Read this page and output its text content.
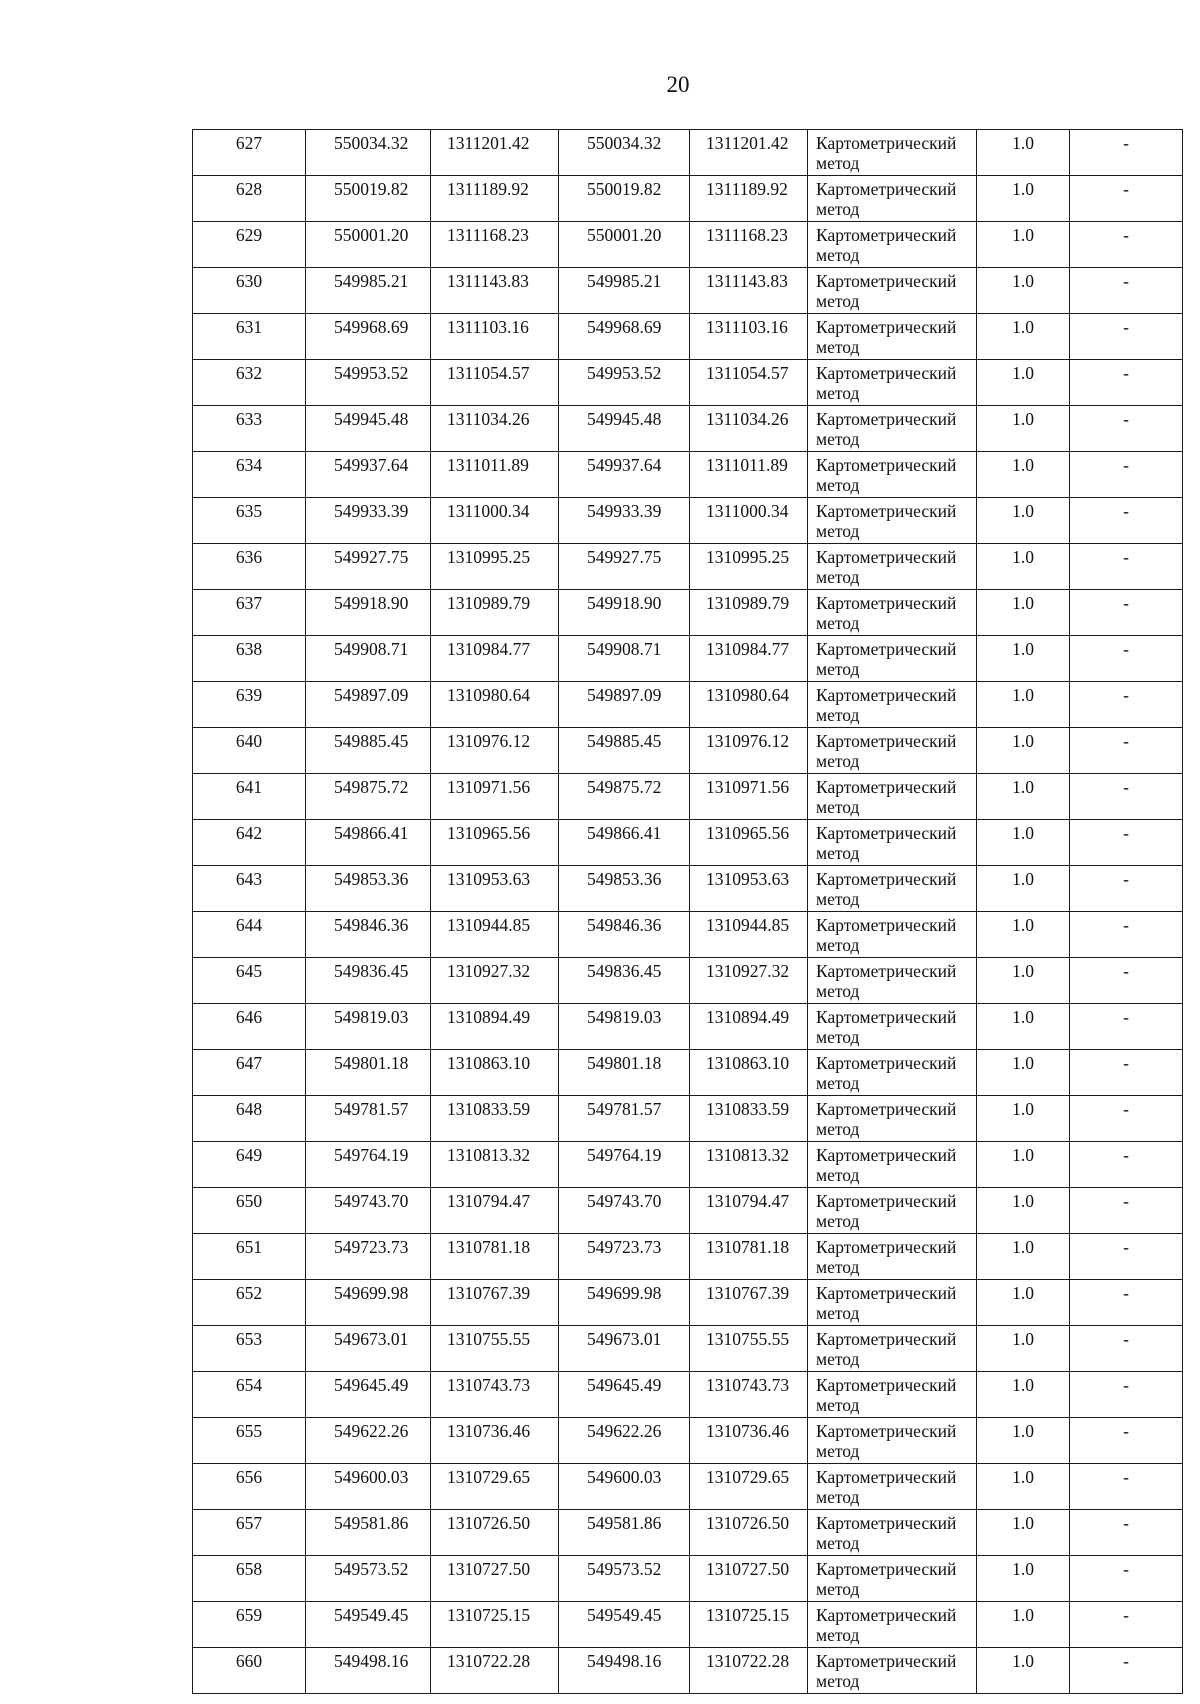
20
627	550034.32	1311201.42	550034.32	1311201.42	Картометрический метод	1.0	-

628	550019.82	1311189.92	550019.82	1311189.92	Картометрический метод	1.0	-

629	550001.20	1311168.23	550001.20	1311168.23	Картометрический метод	1.0	-

630	549985.21	1311143.83	549985.21	1311143.83	Картометрический метод	1.0	-

631	549968.69	1311103.16	549968.69	1311103.16	Картометрический метод	1.0	-

632	549953.52	1311054.57	549953.52	1311054.57	Картометрический метод	1.0	-

633	549945.48	1311034.26	549945.48	1311034.26	Картометрический метод	1.0	-

634	549937.64	1311011.89	549937.64	1311011.89	Картометрический метод	1.0	-

635	549933.39	1311000.34	549933.39	1311000.34	Картометрический метод	1.0	-

636	549927.75	1310995.25	549927.75	1310995.25	Картометрический метод	1.0	-

637	549918.90	1310989.79	549918.90	1310989.79	Картометрический метод	1.0	-

638	549908.71	1310984.77	549908.71	1310984.77	Картометрический метод	1.0	-

639	549897.09	1310980.64	549897.09	1310980.64	Картометрический метод	1.0	-

640	549885.45	1310976.12	549885.45	1310976.12	Картометрический метод	1.0	-

641	549875.72	1310971.56	549875.72	1310971.56	Картометрический метод	1.0	-

642	549866.41	1310965.56	549866.41	1310965.56	Картометрический метод	1.0	-

643	549853.36	1310953.63	549853.36	1310953.63	Картометрический метод	1.0	-

644	549846.36	1310944.85	549846.36	1310944.85	Картометрический метод	1.0	-

645	549836.45	1310927.32	549836.45	1310927.32	Картометрический метод	1.0	-

646	549819.03	1310894.49	549819.03	1310894.49	Картометрический метод	1.0	-

647	549801.18	1310863.10	549801.18	1310863.10	Картометрический метод	1.0	-

648	549781.57	1310833.59	549781.57	1310833.59	Картометрический метод	1.0	-

649	549764.19	1310813.32	549764.19	1310813.32	Картометрический метод	1.0	-

650	549743.70	1310794.47	549743.70	1310794.47	Картометрический метод	1.0	-

651	549723.73	1310781.18	549723.73	1310781.18	Картометрический метод	1.0	-

652	549699.98	1310767.39	549699.98	1310767.39	Картометрический метод	1.0	-

653	549673.01	1310755.55	549673.01	1310755.55	Картометрический метод	1.0	-

654	549645.49	1310743.73	549645.49	1310743.73	Картометрический метод	1.0	-

655	549622.26	1310736.46	549622.26	1310736.46	Картометрический метод	1.0	-

656	549600.03	1310729.65	549600.03	1310729.65	Картометрический метод	1.0	-

657	549581.86	1310726.50	549581.86	1310726.50	Картометрический метод	1.0	-

658	549573.52	1310727.50	549573.52	1310727.50	Картометрический метод	1.0	-

659	549549.45	1310725.15	549549.45	1310725.15	Картометрический метод	1.0	-

660	549498.16	1310722.28	549498.16	1310722.28	Картометрический метод	1.0	-
